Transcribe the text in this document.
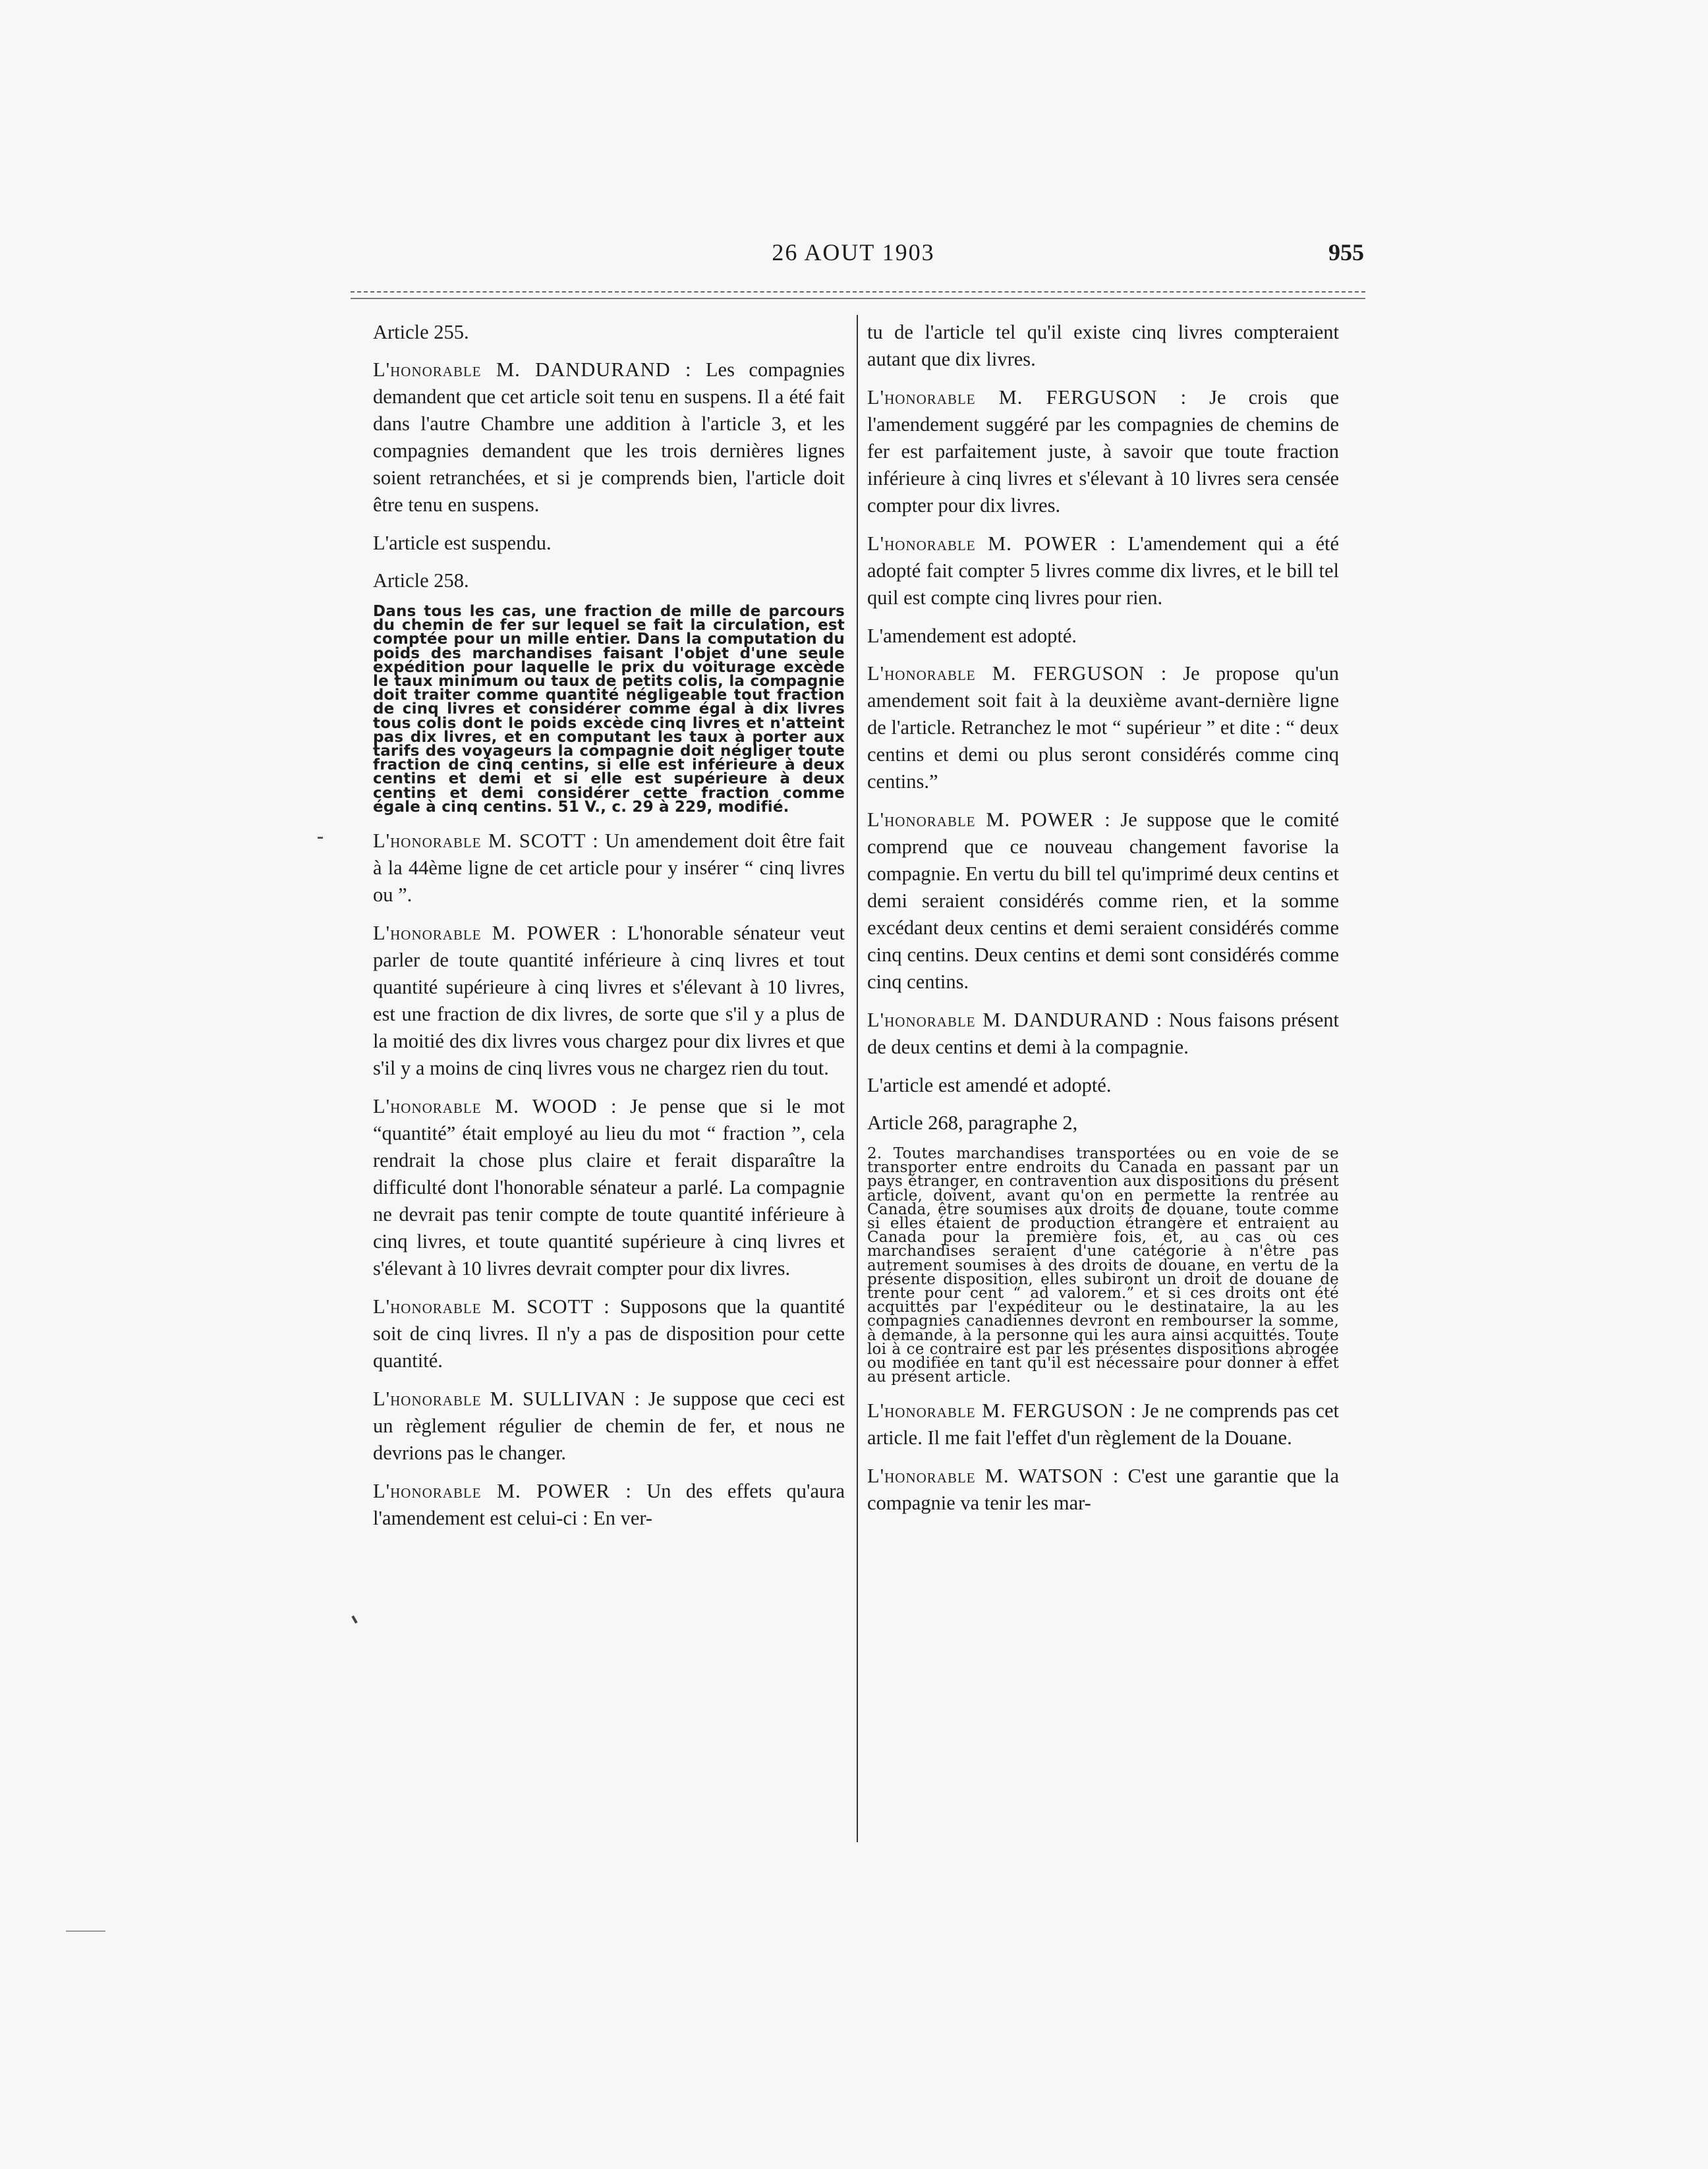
26 AOUT 1903	955
Article 255.
L'honorable M. DANDURAND : Les compagnies demandent que cet article soit tenu en suspens. Il a été fait dans l'autre Chambre une addition à l'article 3, et les compagnies demandent que les trois dernières lignes soient retranchées, et si je comprends bien, l'article doit être tenu en suspens.
L'article est suspendu.
Article 258.
Dans tous les cas, une fraction de mille de parcours du chemin de fer sur lequel se fait la circulation, est comptée pour un mille entier. Dans la computation du poids des marchandises faisant l'objet d'une seule expédition pour laquelle le prix du voiturage excède le taux minimum ou taux de petits colis, la compagnie doit traiter comme quantité négligeable tout fraction de cinq livres et considérer comme égal à dix livres tous colis dont le poids excède cinq livres et n'atteint pas dix livres, et en computant les taux à porter aux tarifs des voyageurs la compagnie doit négliger toute fraction de cinq centins, si elle est inférieure à deux centins et demi et si elle est supérieure à deux centins et demi considérer cette fraction comme égale à cinq centins. 51 V., c. 29 à 229, modifié.
L'honorable M. SCOTT : Un amendement doit être fait à la 44ème ligne de cet article pour y insérer “ cinq livres ou ”.
L'honorable M. POWER : L'honorable sénateur veut parler de toute quantité inférieure à cinq livres et tout quantité supérieure à cinq livres et s'élevant à 10 livres, est une fraction de dix livres, de sorte que s'il y a plus de la moitié des dix livres vous chargez pour dix livres et que s'il y a moins de cinq livres vous ne chargez rien du tout.
L'honorable M. WOOD : Je pense que si le mot “quantité” était employé au lieu du mot “ fraction ”, cela rendrait la chose plus claire et ferait disparaître la difficulté dont l'honorable sénateur a parlé. La compagnie ne devrait pas tenir compte de toute quantité inférieure à cinq livres, et toute quantité supérieure à cinq livres et s'élevant à 10 livres devrait compter pour dix livres.
L'honorable M. SCOTT : Supposons que la quantité soit de cinq livres. Il n'y a pas de disposition pour cette quantité.
L'honorable M. SULLIVAN : Je suppose que ceci est un règlement régulier de chemin de fer, et nous ne devrions pas le changer.
L'honorable M. POWER : Un des effets qu'aura l'amendement est celui-ci : En ver-
tu de l'article tel qu'il existe cinq livres compteraient autant que dix livres.
L'honorable M. FERGUSON : Je crois que l'amendement suggéré par les compagnies de chemins de fer est parfaitement juste, à savoir que toute fraction inférieure à cinq livres et s'élevant à 10 livres sera censée compter pour dix livres.
L'honorable M. POWER : L'amendement qui a été adopté fait compter 5 livres comme dix livres, et le bill tel quil est compte cinq livres pour rien.
L'amendement est adopté.
L'honorable M. FERGUSON : Je propose qu'un amendement soit fait à la deuxième avant-dernière ligne de l'article. Retranchez le mot “ supérieur ” et dite : “ deux centins et demi ou plus seront considérés comme cinq centins.”
L'honorable M. POWER : Je suppose que le comité comprend que ce nouveau changement favorise la compagnie. En vertu du bill tel qu'imprimé deux centins et demi seraient considérés comme rien, et la somme excédant deux centins et demi seraient considérés comme cinq centins. Deux centins et demi sont considérés comme cinq centins.
L'honorable M. DANDURAND : Nous faisons présent de deux centins et demi à la compagnie.
L'article est amendé et adopté.
Article 268, paragraphe 2,
2. Toutes marchandises transportées ou en voie de se transporter entre endroits du Canada en passant par un pays étranger, en contravention aux dispositions du présent article, doivent, avant qu'on en permette la rentrée au Canada, être soumises aux droits de douane, toute comme si elles étaient de production étrangère et entraient au Canada pour la première fois, et, au cas où ces marchandises seraient d'une catégorie à n'être pas autrement soumises à des droits de douane, en vertu de la présente disposition, elles subiront un droit de douane de trente pour cent “ ad valorem.” et si ces droits ont été acquittés par l'expéditeur ou le destinataire, la au les compagnies canadiennes devront en rembourser la somme, à demande, à la personne qui les aura ainsi acquittés. Toute loi à ce contraire est par les présentes dispositions abrogée ou modifiée en tant qu'il est nécessaire pour donner à effet au présent article.
L'honorable M. FERGUSON : Je ne comprends pas cet article. Il me fait l'effet d'un règlement de la Douane.
L'honorable M. WATSON : C'est une garantie que la compagnie va tenir les mar-
